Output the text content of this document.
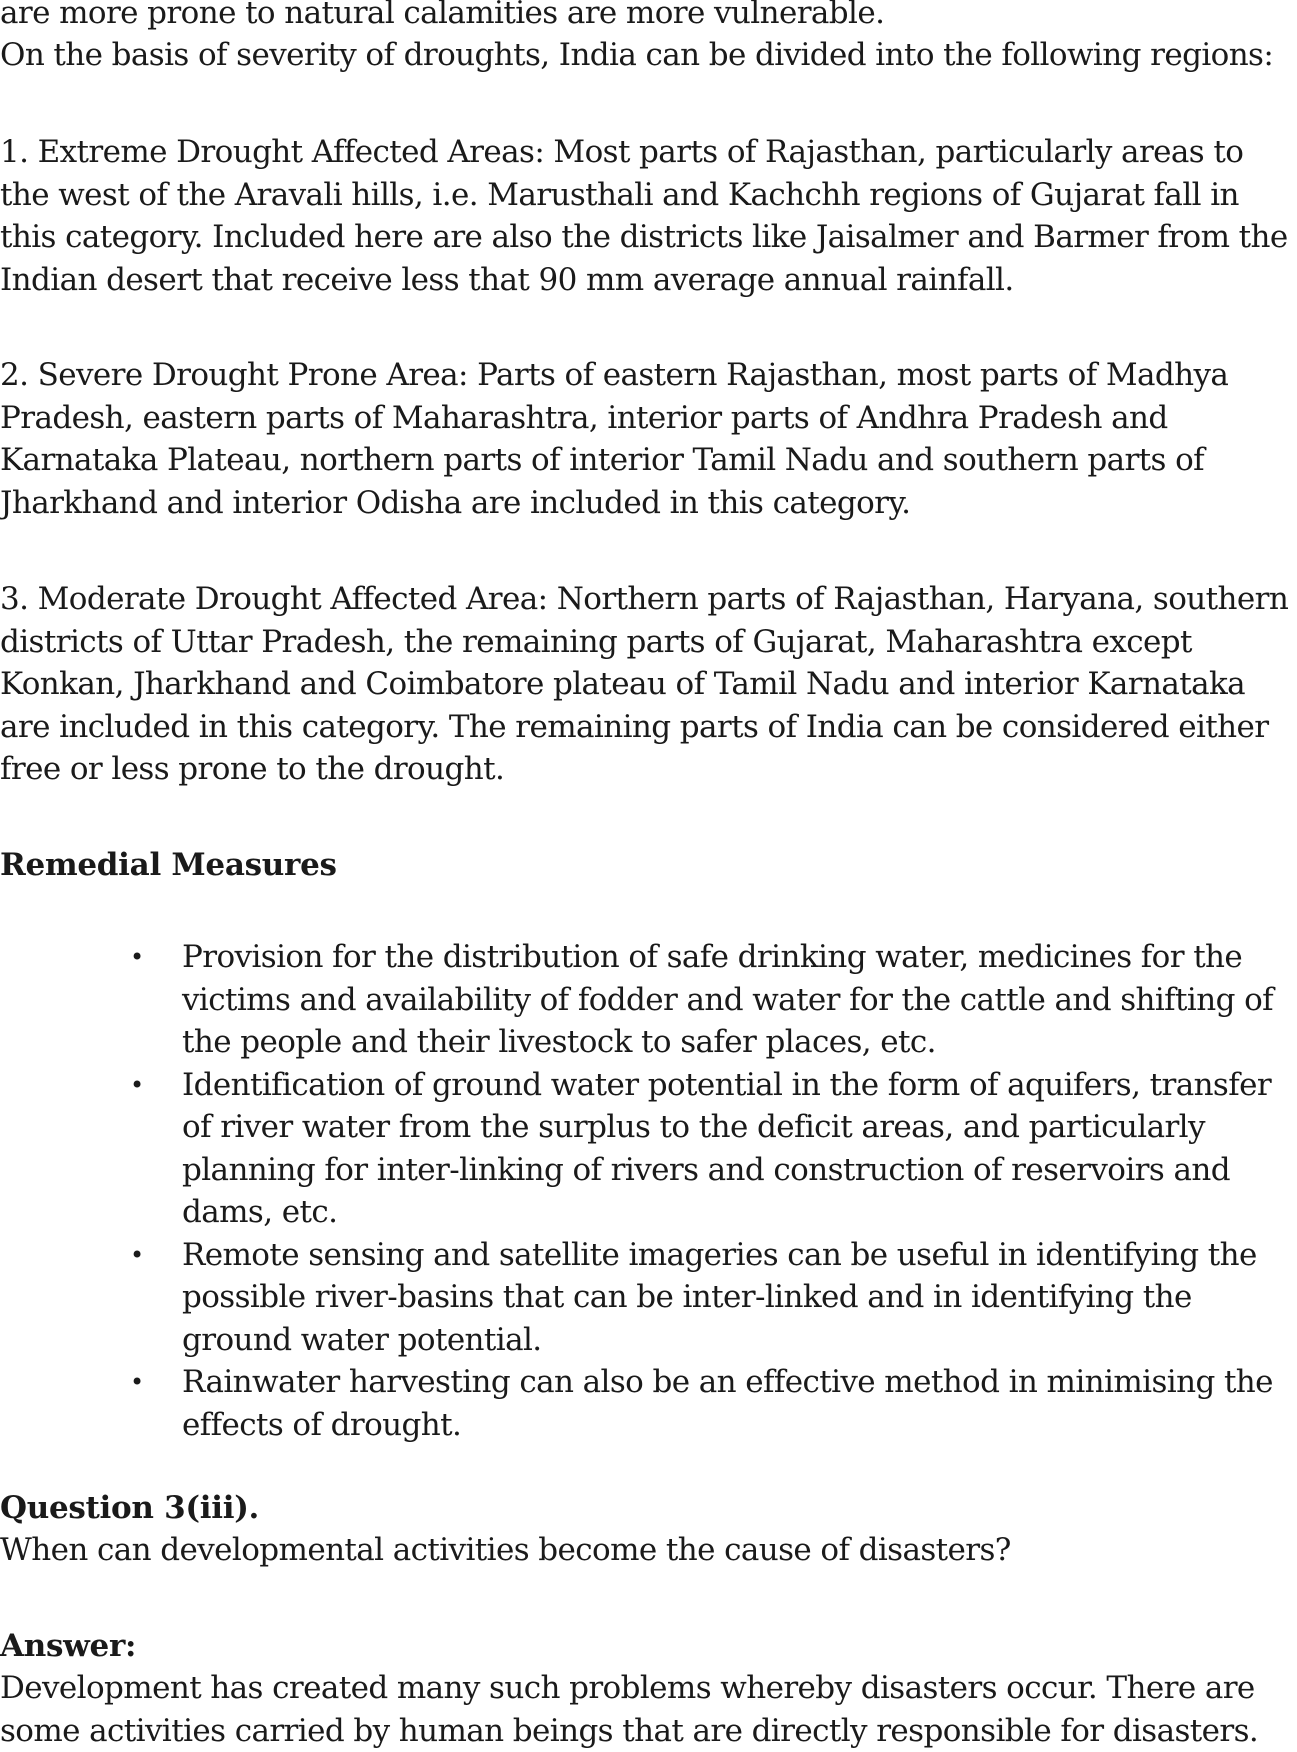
are more prone to natural calamities are more vulnerable.
On the basis of severity of droughts, India can be divided into the following regions:
1. Extreme Drought Affected Areas: Most parts of Rajasthan, particularly areas to the west of the Aravali hills, i.e. Marusthali and Kachchh regions of Gujarat fall in this category. Included here are also the districts like Jaisalmer and Barmer from the Indian desert that receive less that 90 mm average annual rainfall.
2. Severe Drought Prone Area: Parts of eastern Rajasthan, most parts of Madhya Pradesh, eastern parts of Maharashtra, interior parts of Andhra Pradesh and Karnataka Plateau, northern parts of interior Tamil Nadu and southern parts of Jharkhand and interior Odisha are included in this category.
3. Moderate Drought Affected Area: Northern parts of Rajasthan, Haryana, southern districts of Uttar Pradesh, the remaining parts of Gujarat, Maharashtra except Konkan, Jharkhand and Coimbatore plateau of Tamil Nadu and interior Karnataka are included in this category. The remaining parts of India can be considered either free or less prone to the drought.
Remedial Measures
• Provision for the distribution of safe drinking water, medicines for the victims and availability of fodder and water for the cattle and shifting of the people and their livestock to safer places, etc.
• Identification of ground water potential in the form of aquifers, transfer of river water from the surplus to the deficit areas, and particularly planning for inter-linking of rivers and construction of reservoirs and dams, etc.
• Remote sensing and satellite imageries can be useful in identifying the possible river-basins that can be inter-linked and in identifying the ground water potential.
• Rainwater harvesting can also be an effective method in minimising the effects of drought.
Question 3(iii).
When can developmental activities become the cause of disasters?
Answer:
Development has created many such problems whereby disasters occur. There are some activities carried by human beings that are directly responsible for disasters.
